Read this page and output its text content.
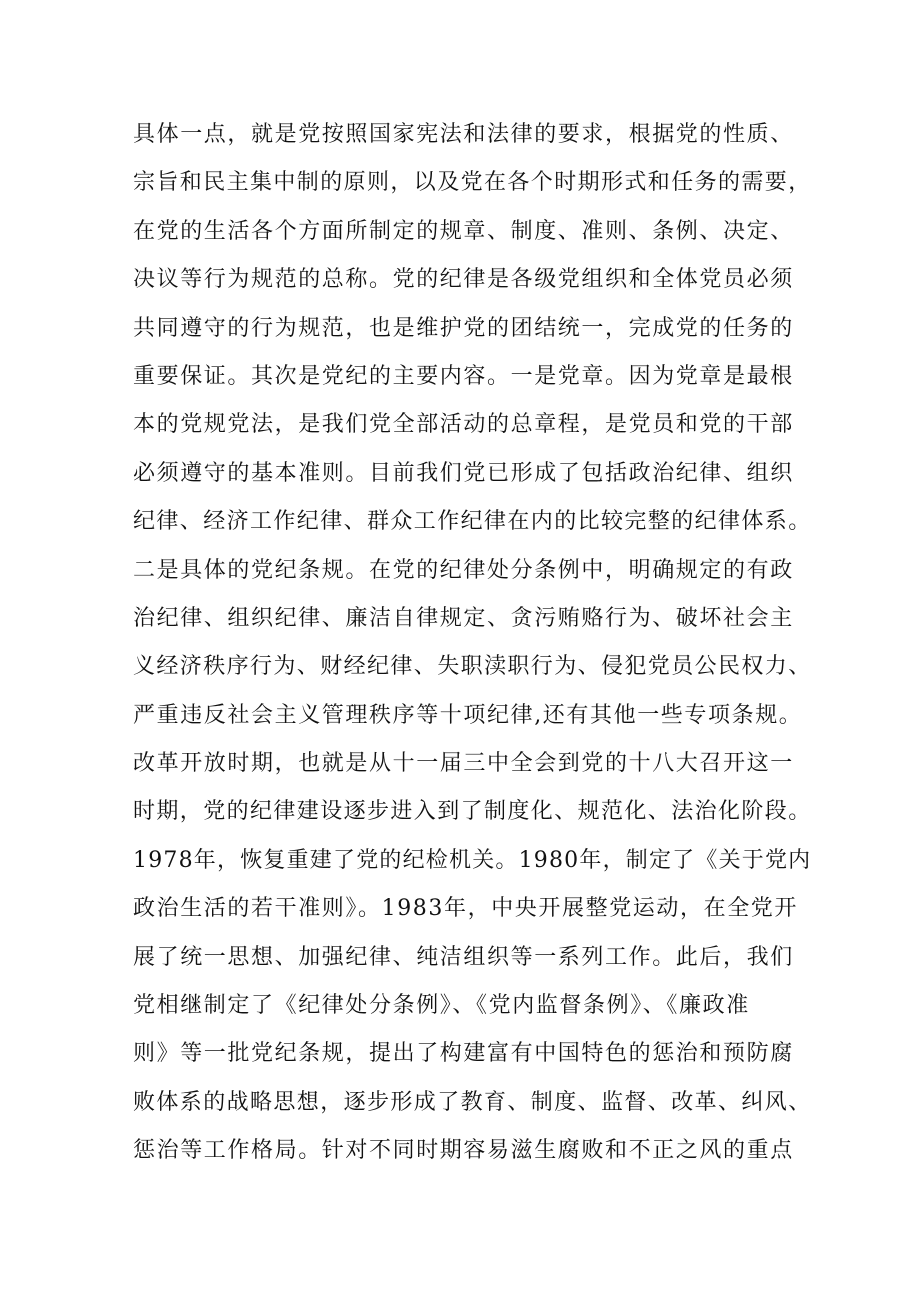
具体一点，就是党按照国家宪法和法律的要求，根据党的性质、
宗旨和民主集中制的原则，以及党在各个时期形式和任务的需要，
在党的生活各个方面所制定的规章、制度、准则、条例、决定、
决议等行为规范的总称。党的纪律是各级党组织和全体党员必须
共同遵守的行为规范，也是维护党的团结统一，完成党的任务的
重要保证。其次是党纪的主要内容。一是党章。因为党章是最根
本的党规党法，是我们党全部活动的总章程，是党员和党的干部
必须遵守的基本准则。目前我们党已形成了包括政治纪律、组织
纪律、经济工作纪律、群众工作纪律在内的比较完整的纪律体系。
二是具体的党纪条规。在党的纪律处分条例中，明确规定的有政
治纪律、组织纪律、廉洁自律规定、贪污贿赂行为、破坏社会主
义经济秩序行为、财经纪律、失职渎职行为、侵犯党员公民权力、
严重违反社会主义管理秩序等十项纪律,还有其他一些专项条规。
改革开放时期，也就是从十一届三中全会到党的十八大召开这一
时期，党的纪律建设逐步进入到了制度化、规范化、法治化阶段。
1978年，恢复重建了党的纪检机关。1980年，制定了《关于党内
政治生活的若干准则》。1983年，中央开展整党运动，在全党开
展了统一思想、加强纪律、纯洁组织等一系列工作。此后，我们
党相继制定了《纪律处分条例》、《党内监督条例》、《廉政准
则》等一批党纪条规，提出了构建富有中国特色的惩治和预防腐
败体系的战略思想，逐步形成了教育、制度、监督、改革、纠风、
惩治等工作格局。针对不同时期容易滋生腐败和不正之风的重点
